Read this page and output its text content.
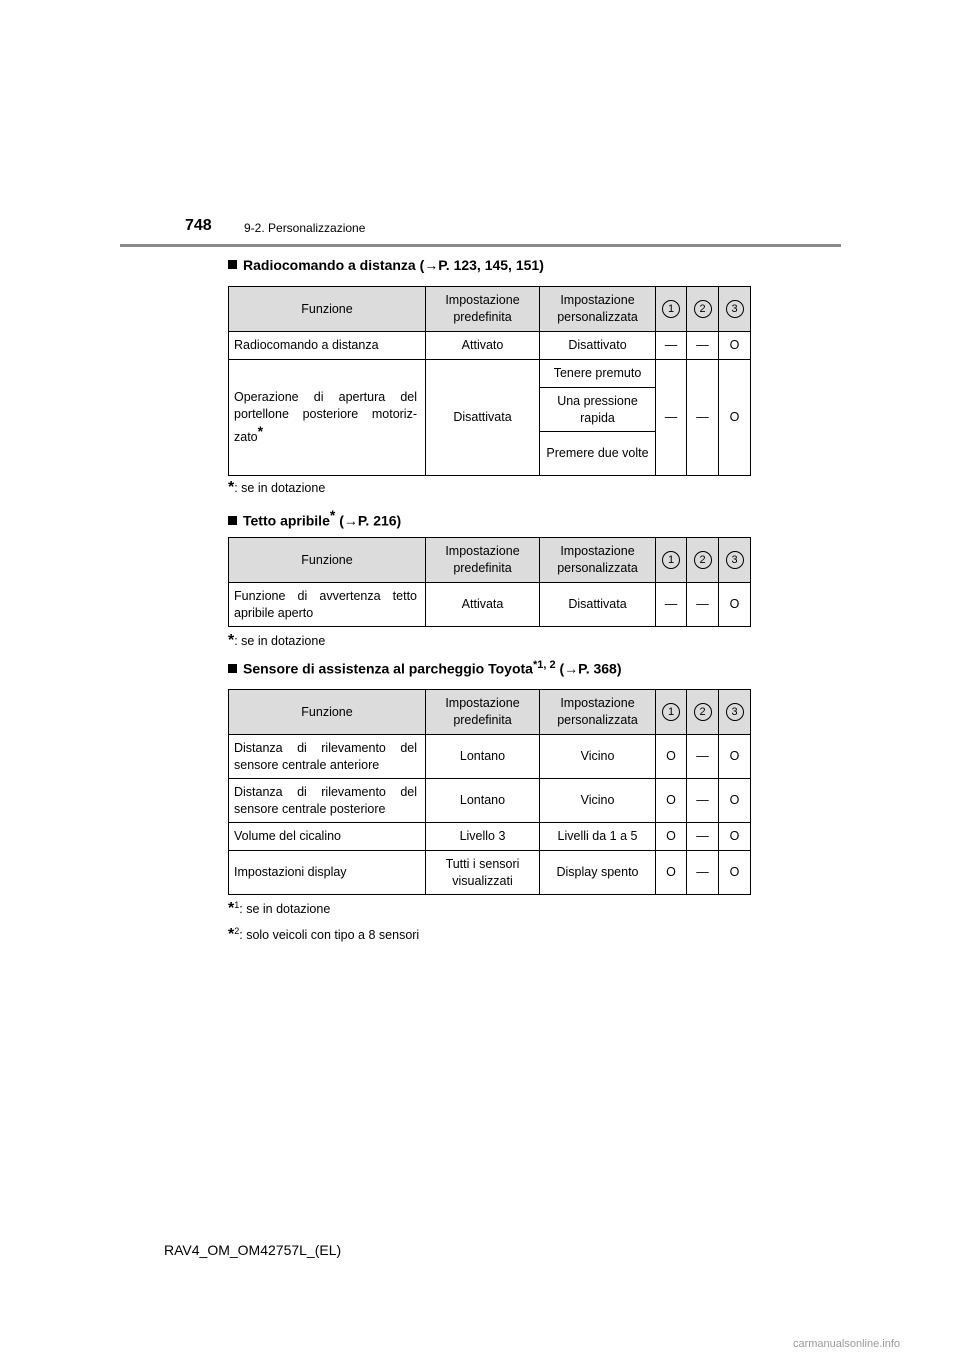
748	9-2. Personalizzazione
Radiocomando a distanza (→P. 123, 145, 151)
Funzione	Impostazione predefinita	Impostazione personalizzata	1	2	3
Radiocomando a distanza	Attivato	Disattivato	—	—	O
Operazione di apertura del portellone posteriore motoriz-zato*	Disattivata	Tenere premuto	—	—	O
		Una pressione rapida			
		Premere due volte			
*: se in dotazione
Tetto apribile* (→P. 216)
Funzione	Impostazione predefinita	Impostazione personalizzata	1	2	3
Funzione di avvertenza tetto apribile aperto	Attivata	Disattivata	—	—	O
*: se in dotazione
Sensore di assistenza al parcheggio Toyota$^{*1, 2}$ (→P. 368)
Funzione	Impostazione predefinita	Impostazione personalizzata	1	2	3
Distanza di rilevamento del sensore centrale anteriore	Lontano	Vicino	O	—	O
Distanza di rilevamento del sensore centrale posteriore	Lontano	Vicino	O	—	O
Volume del cicalino	Livello 3	Livelli da 1 a 5	O	—	O
Impostazioni display	Tutti i sensori visualizzati	Display spento	O	—	O
*$^1$: se in dotazione
*$^2$: solo veicoli con tipo a 8 sensori
RAV4_OM_OM42757L_(EL)
carmanualsonline.info
